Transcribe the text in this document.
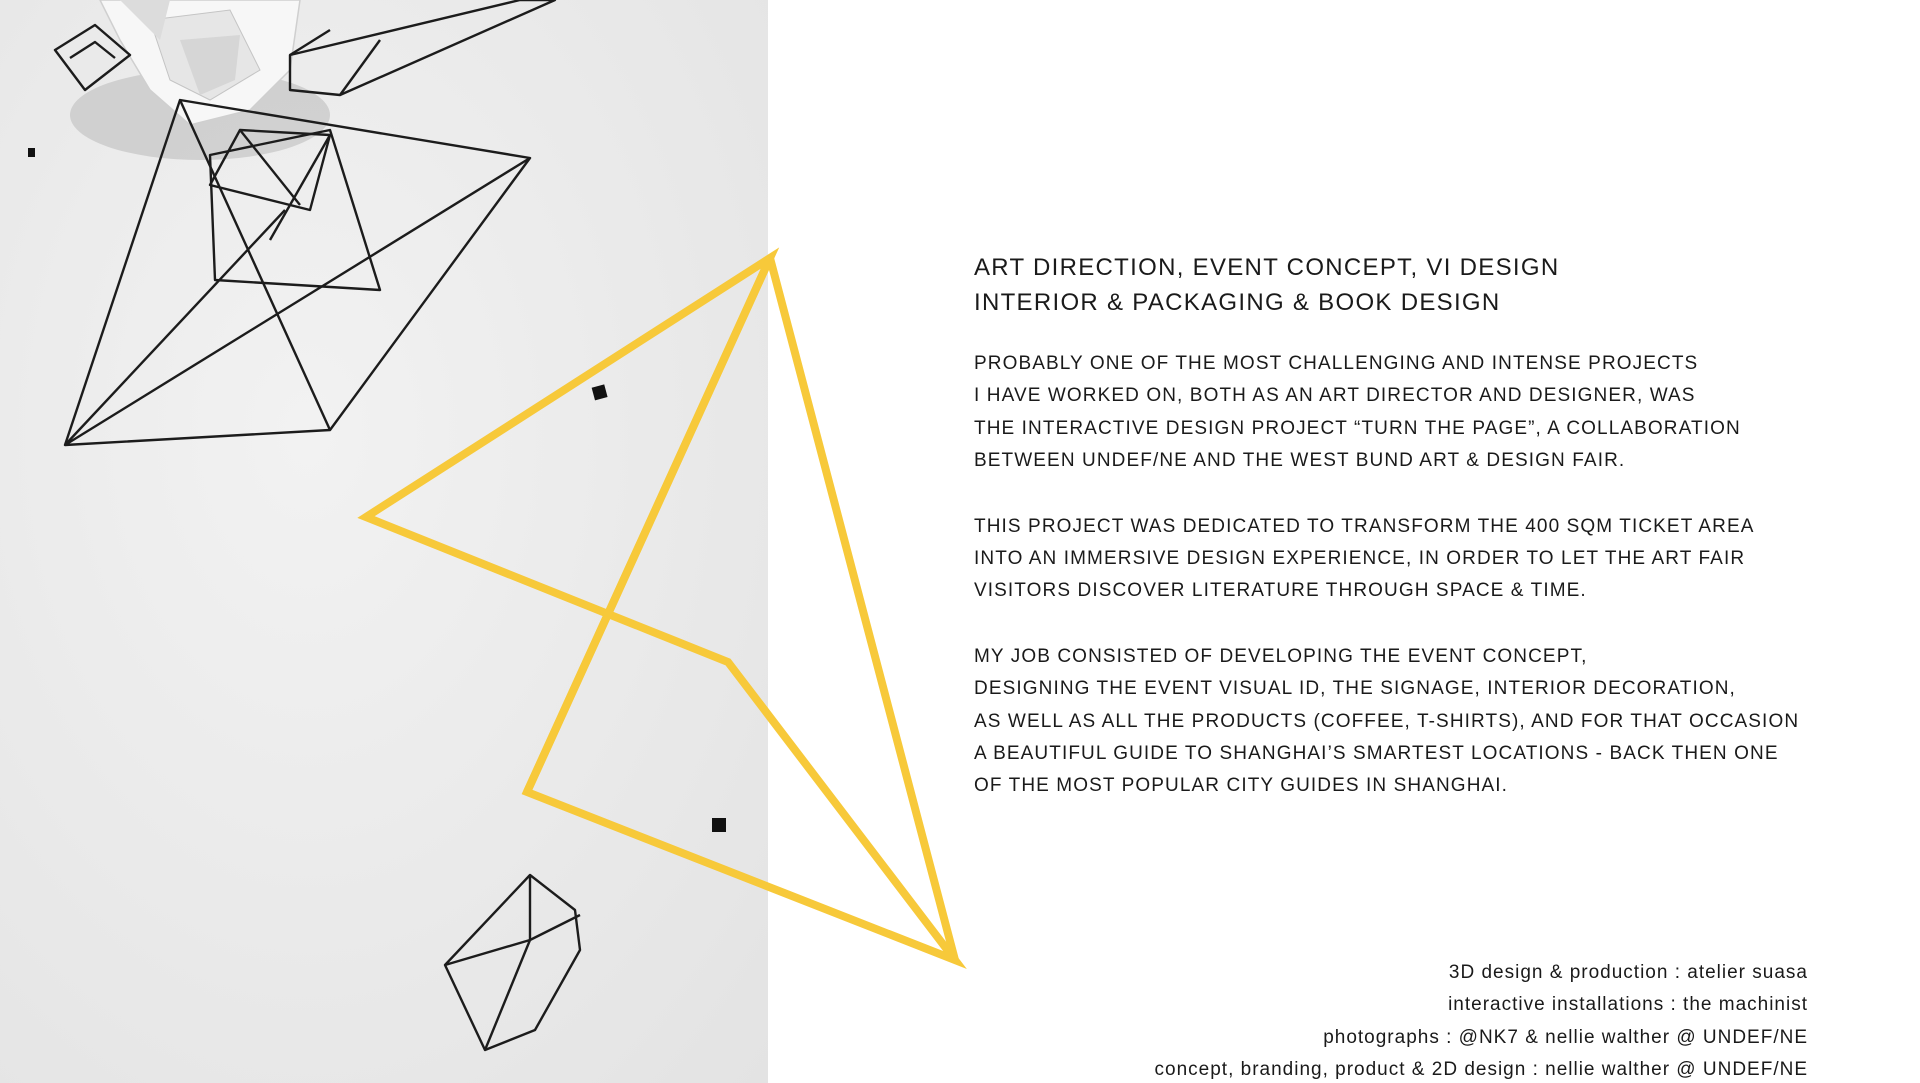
ART DIRECTION, EVENT CONCEPT, VI DESIGN
INTERIOR & PACKAGING & BOOK DESIGN
PROBABLY ONE OF THE MOST CHALLENGING AND INTENSE PROJECTS
I HAVE WORKED ON, BOTH AS AN ART DIRECTOR AND DESIGNER, WAS
THE INTERACTIVE DESIGN PROJECT “TURN THE PAGE”, A COLLABORATION
BETWEEN UNDEF/NE AND THE WEST BUND ART & DESIGN FAIR.
THIS PROJECT WAS DEDICATED TO TRANSFORM THE 400 SQM TICKET AREA
INTO AN IMMERSIVE DESIGN EXPERIENCE, IN ORDER TO LET THE ART FAIR
VISITORS DISCOVER LITERATURE THROUGH SPACE & TIME.
MY JOB CONSISTED OF DEVELOPING THE EVENT CONCEPT,
DESIGNING THE EVENT VISUAL ID, THE SIGNAGE, INTERIOR DECORATION,
AS WELL AS ALL THE PRODUCTS (COFFEE, T-SHIRTS), AND FOR THAT OCCASION
A BEAUTIFUL GUIDE TO SHANGHAI’S SMARTEST LOCATIONS - BACK THEN ONE
OF THE MOST POPULAR CITY GUIDES IN SHANGHAI.
3D design & production : atelier suasa
interactive installations : the machinist
photographs : @NK7 & nellie walther @ UNDEF/NE
concept, branding, product & 2D design : nellie walther @ UNDEF/NE
